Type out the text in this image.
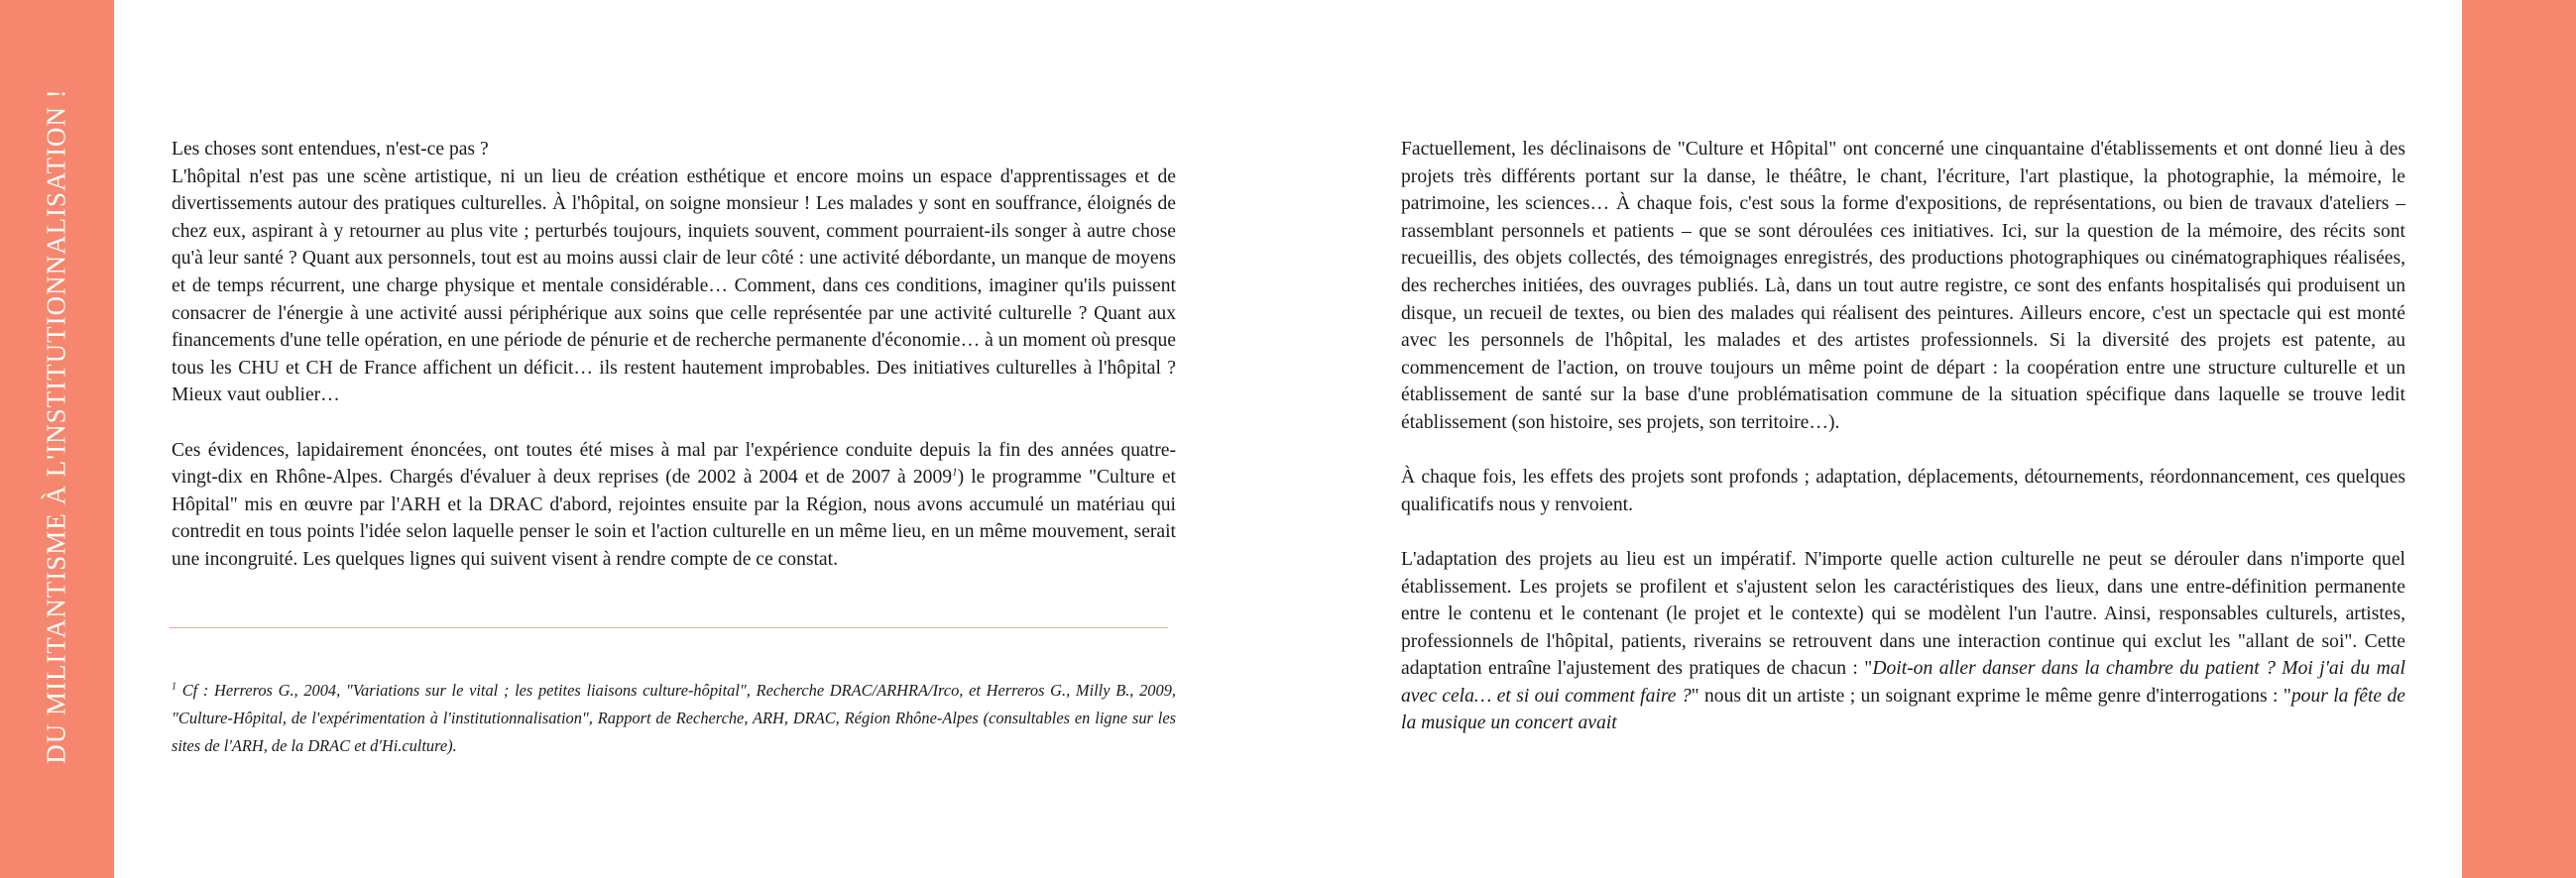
DU MILITANTISME À L'INSTITUTIONNALISATION !	Les choses sont entendues, n'est-ce pas ?

L'hôpital n'est pas une scène artistique, ni un lieu de création esthétique et encore moins un espace d'apprentissages et de divertissements autour des pratiques culturelles. À l'hôpital, on soigne monsieur ! Les malades y sont en souffrance, éloignés de chez eux, aspirant à y retourner au plus vite ; perturbés toujours, inquiets souvent, comment pourraient-ils songer à autre chose qu'à leur santé ? Quant aux personnels, tout est au moins aussi clair de leur côté : une activité débordante, un manque de moyens et de temps récurrent, une charge physique et mentale considérable… Comment, dans ces conditions, imaginer qu'ils puissent consacrer de l'énergie à une activité aussi périphérique aux soins que celle représentée par une activité culturelle ? Quant aux financements d'une telle opération, en une période de pénurie et de recherche permanente d'économie… à un moment où presque tous les CHU et CH de France affichent un déficit… ils restent hautement improbables. Des initiatives culturelles à l'hôpital ? Mieux vaut oublier…

Ces évidences, lapidairement énoncées, ont toutes été mises à mal par l'expérience conduite depuis la fin des années quatre-vingt-dix en Rhône-Alpes. Chargés d'évaluer à deux reprises (de 2002 à 2004 et de 2007 à 2009$^1$) le programme "Culture et Hôpital" mis en œuvre par l'ARH et la DRAC d'abord, rejointes ensuite par la Région, nous avons accumulé un matériau qui contredit en tous points l'idée selon laquelle penser le soin et l'action culturelle en un même lieu, en un même mouvement, serait une incongruité. Les quelques lignes qui suivent visent à rendre compte de ce constat.

$^1$ Cf : Herreros G., 2004, "Variations sur le vital ; les petites liaisons culture-hôpital", Recherche DRAC/ARHRA/Irco, et Herreros G., Milly B., 2009, "Culture-Hôpital, de l'expérimentation à l'institutionnalisation", Rapport de Recherche, ARH, DRAC, Région Rhône-Alpes (consultables en ligne sur les sites de l'ARH, de la DRAC et d'Hi.culture).

Factuellement, les déclinaisons de "Culture et Hôpital" ont concerné une cinquantaine d'établissements et ont donné lieu à des projets très différents portant sur la danse, le théâtre, le chant, l'écriture, l'art plastique, la photographie, la mémoire, le patrimoine, les sciences… À chaque fois, c'est sous la forme d'expositions, de représentations, ou bien de travaux d'ateliers – rassemblant personnels et patients – que se sont déroulées ces initiatives. Ici, sur la question de la mémoire, des récits sont recueillis, des objets collectés, des témoignages enregistrés, des productions photographiques ou cinématographiques réalisées, des recherches initiées, des ouvrages publiés. Là, dans un tout autre registre, ce sont des enfants hospitalisés qui produisent un disque, un recueil de textes, ou bien des malades qui réalisent des peintures. Ailleurs encore, c'est un spectacle qui est monté avec les personnels de l'hôpital, les malades et des artistes professionnels. Si la diversité des projets est patente, au commencement de l'action, on trouve toujours un même point de départ : la coopération entre une structure culturelle et un établissement de santé sur la base d'une problématisation commune de la situation spécifique dans laquelle se trouve ledit établissement (son histoire, ses projets, son territoire…).

À chaque fois, les effets des projets sont profonds ; adaptation, déplacements, détournements, réordonnancement, ces quelques qualificatifs nous y renvoient.

L'adaptation des projets au lieu est un impératif. N'importe quelle action culturelle ne peut se dérouler dans n'importe quel établissement. Les projets se profilent et s'ajustent selon les caractéristiques des lieux, dans une entre-définition permanente entre le contenu et le contenant (le projet et le contexte) qui se modèlent l'un l'autre. Ainsi, responsables culturels, artistes, professionnels de l'hôpital, patients, riverains se retrouvent dans une interaction continue qui exclut les "allant de soi". Cette adaptation entraîne l'ajustement des pratiques de chacun : "Doit-on aller danser dans la chambre du patient ? Moi j'ai du mal avec cela… et si oui comment faire ?" nous dit un artiste ; un soignant exprime le même genre d'interrogations : "pour la fête de la musique un concert avait
